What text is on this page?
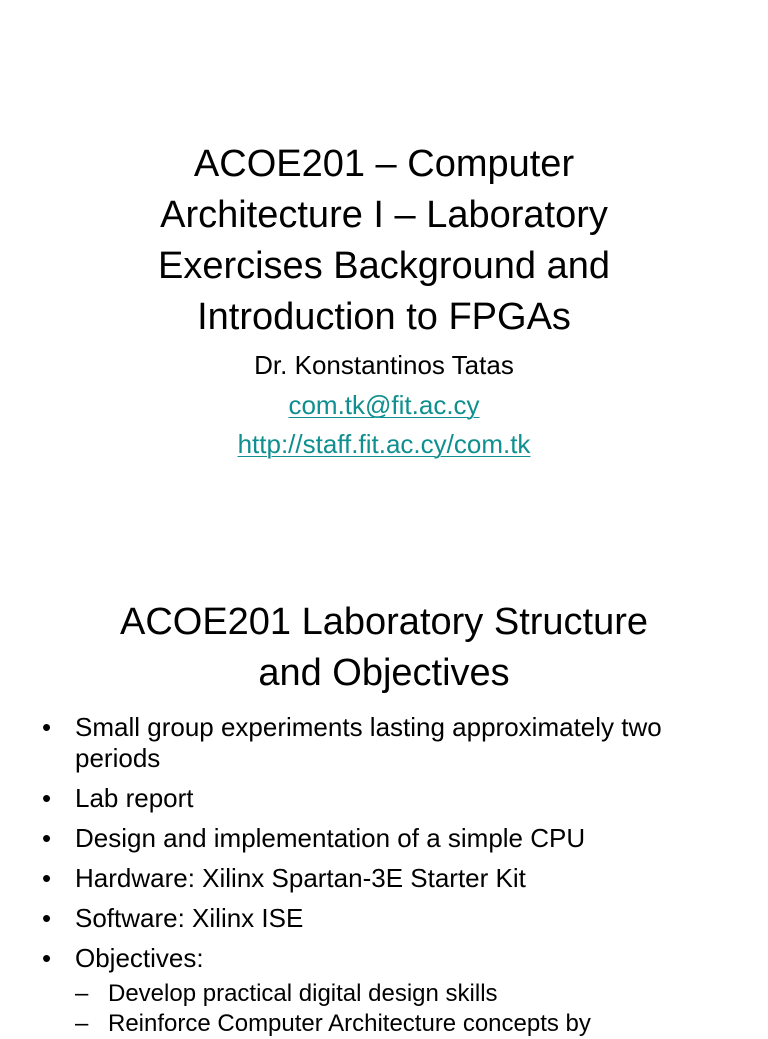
ACOE201 – Computer
Architecture I – Laboratory
Exercises Background and
Introduction to FPGAs
Dr. Konstantinos Tatas
com.tk@fit.ac.cy
http://staff.fit.ac.cy/com.tk
ACOE201 Laboratory Structure
and Objectives
• Small group experiments lasting approximately two periods
• Lab report
• Design and implementation of a simple CPU
• Hardware: Xilinx Spartan-3E Starter Kit
• Software: Xilinx ISE
• Objectives:
– Develop practical digital design skills
– Reinforce Computer Architecture concepts by
